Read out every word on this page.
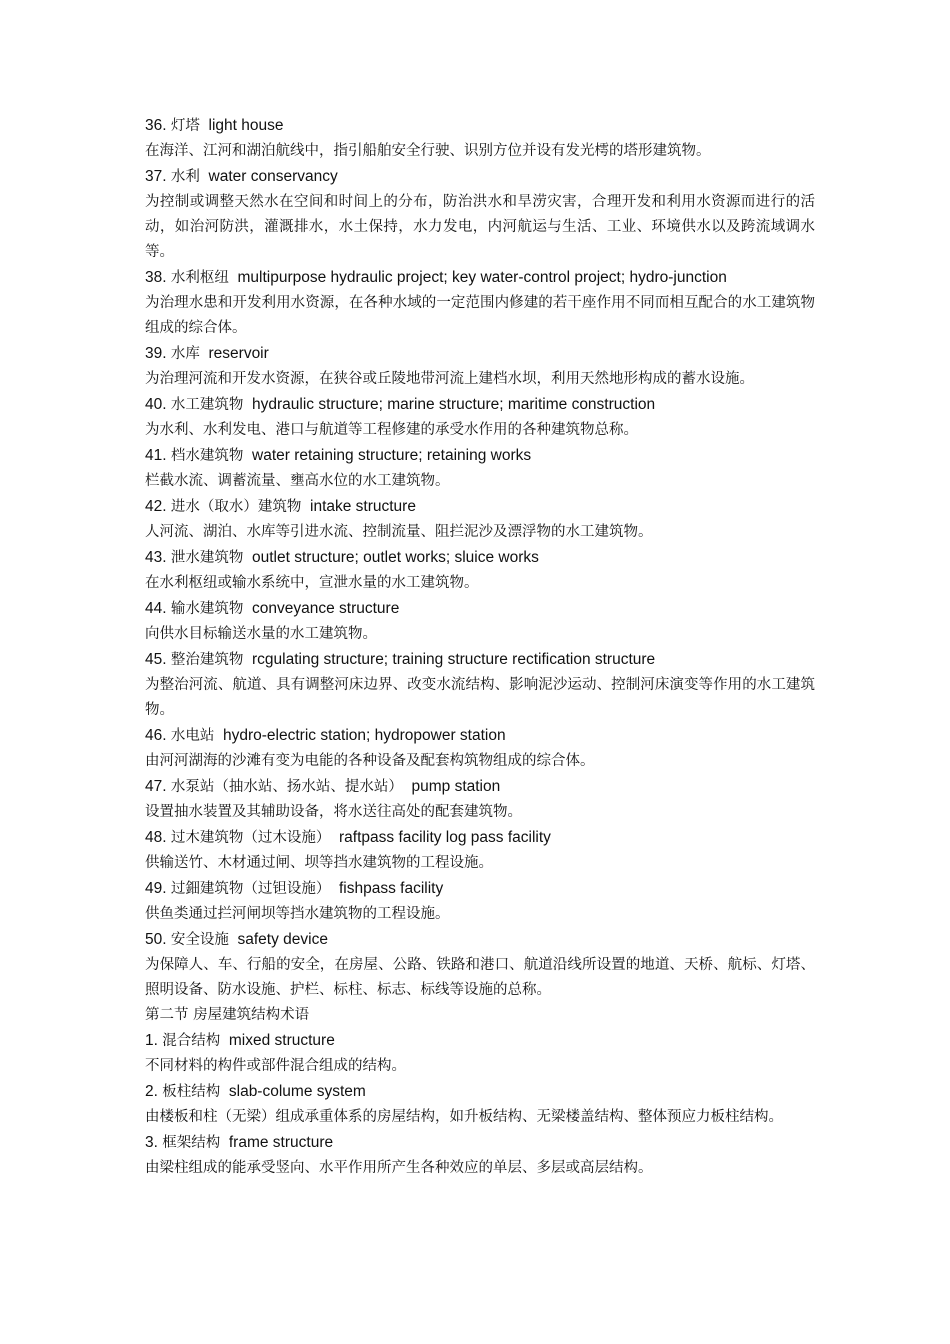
36. 灯塔 light house
在海洋、江河和湖泊航线中，指引船舶安全行驶、识别方位并设有发光樗的塔形建筑物。
37. 水利 water conservancy
为控制或调整天然水在空间和时间上的分布，防治洪水和旱涝灾害，合理开发和利用水资源而进行的活动，如治河防洪，灌溉排水，水土保持，水力发电，内河航运与生活、工业、环境供水以及跨流域调水等。
38. 水利枢纽 multipurpose hydraulic project; key water-control project; hydro-junction
为治理水患和开发利用水资源，在各种水域的一定范围内修建的若干座作用不同而相互配合的水工建筑物组成的综合体。
39. 水库 reservoir
为治理河流和开发水资源，在狭谷或丘陵地带河流上建档水坝，利用天然地形构成的蓄水设施。
40. 水工建筑物 hydraulic structure; marine structure; maritime construction
为水利、水利发电、港口与航道等工程修建的承受水作用的各种建筑物总称。
41. 档水建筑物 water retaining structure; retaining works
栏截水流、调蓄流量、壅高水位的水工建筑物。
42. 进水（取水）建筑物 intake structure
人河流、湖泊、水库等引进水流、控制流量、阻拦泥沙及漂浮物的水工建筑物。
43. 泄水建筑物 outlet structure; outlet works; sluice works
在水利枢纽或输水系统中，宣泄水量的水工建筑物。
44. 输水建筑物 conveyance structure
向供水目标输送水量的水工建筑物。
45. 整治建筑物 rcgulating structure; training structure rectification structure
为整治河流、航道、具有调整河床边界、改变水流结构、影响泥沙运动、控制河床演变等作用的水工建筑物。
46. 水电站 hydro-electric station; hydropower station
由河河湖海的沙滩有变为电能的各种设备及配套构筑物组成的综合体。
47. 水泵站（抽水站、扬水站、提水站） pump station
设置抽水装置及其辅助设备，将水送往高处的配套建筑物。
48. 过木建筑物（过木设施） raftpass facility log pass facility
供输送竹、木材通过闸、坝等挡水建筑物的工程设施。
49. 过鈿建筑物（过钽设施） fishpass facility
供鱼类通过拦河闸坝等挡水建筑物的工程设施。
50. 安全设施 safety device
为保障人、车、行船的安全，在房屋、公路、铁路和港口、航道沿线所设置的地道、天桥、航标、灯塔、照明设备、防水设施、护栏、标柱、标志、标线等设施的总称。
第二节 房屋建筑结构术语
1. 混合结构 mixed structure
不同材料的构件或部件混合组成的结构。
2. 板柱结构 slab-colume system
由楼板和柱（无梁）组成承重体系的房屋结构，如升板结构、无梁楼盖结构、整体预应力板柱结构。
3. 框架结构 frame structure
由梁柱组成的能承受竖向、水平作用所产生各种效应的单层、多层或高层结构。
